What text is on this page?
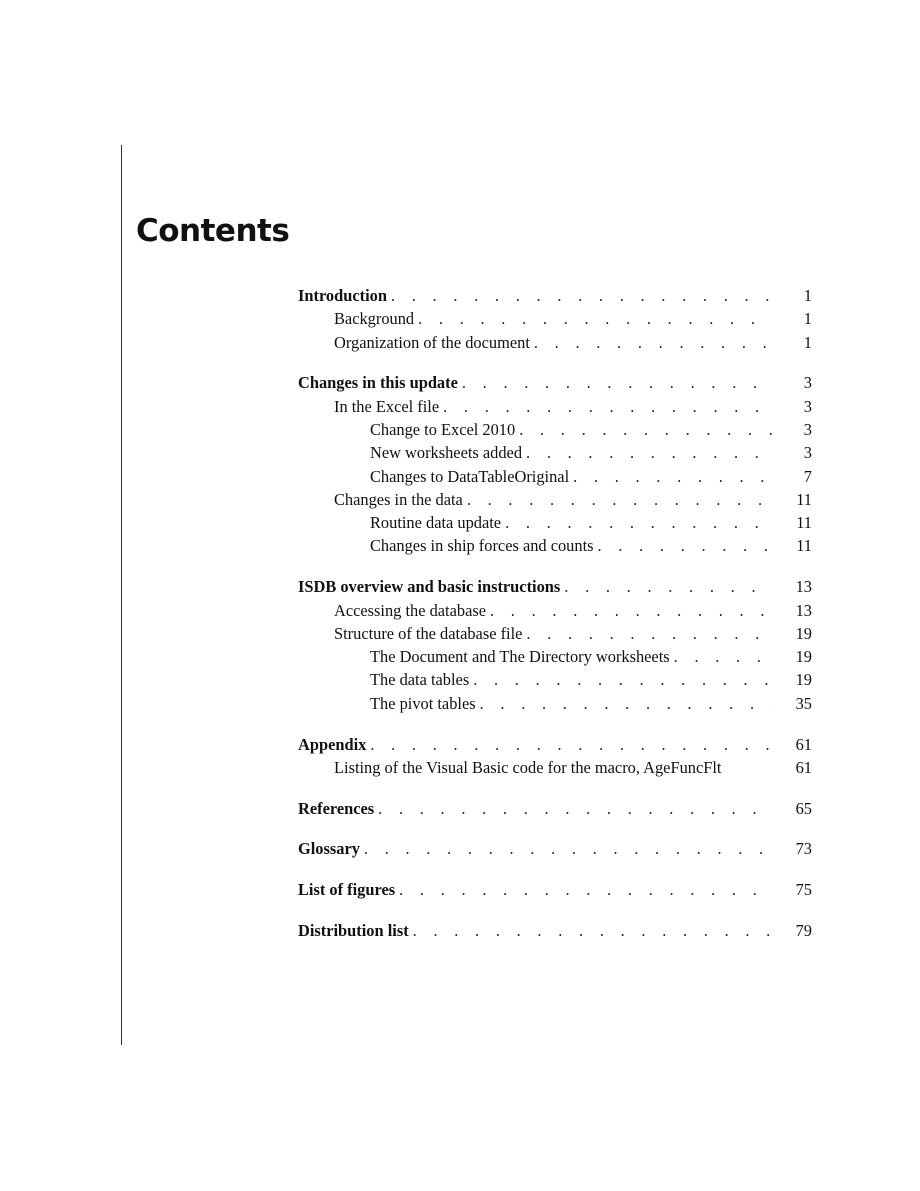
Contents
Introduction . . .	1
Background . . .	1
Organization of the document . . .	1
Changes in this update . . .	3
In the Excel file . . .	3
Change to Excel 2010 . . .	3
New worksheets added . . .	3
Changes to DataTableOriginal . . .	7
Changes in the data . . .	11
Routine data update . . .	11
Changes in ship forces and counts . . .	11
ISDB overview and basic instructions . . .	13
Accessing the database . . .	13
Structure of the database file . . .	19
The Document and The Directory worksheets . . .	19
The data tables . . .	19
The pivot tables . . .	35
Appendix . . .	61
Listing of the Visual Basic code for the macro, AgeFuncFlt	61
References . . .	65
Glossary . . .	73
List of figures . . .	75
Distribution list . . .	79
